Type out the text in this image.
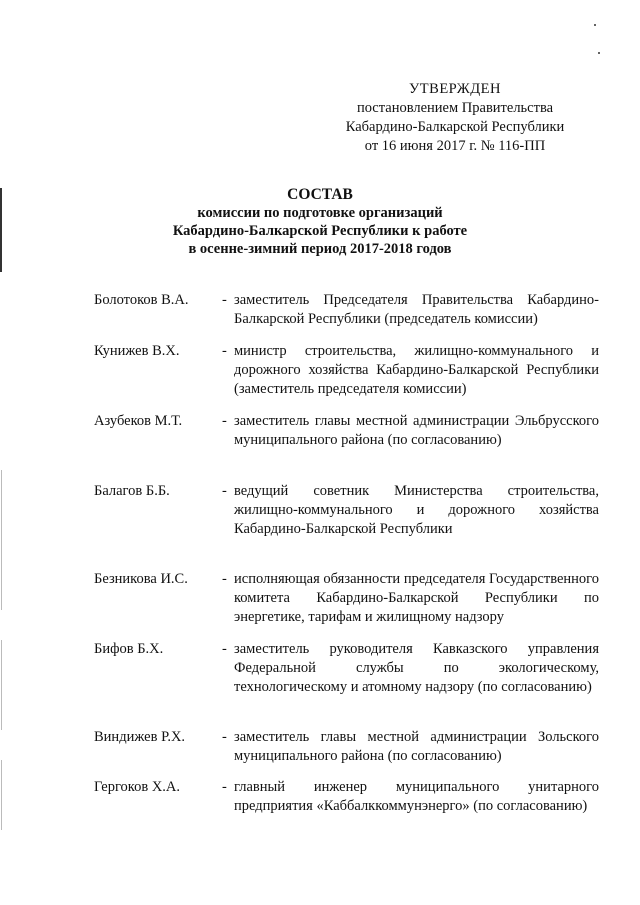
УТВЕРЖДЕН
постановлением Правительства
Кабардино-Балкарской Республики
от 16 июня 2017 г. № 116-ПП
СОСТАВ
комиссии по подготовке организаций
Кабардино-Балкарской Республики к работе
в осенне-зимний период 2017-2018 годов
Болотоков В.А.	- заместитель Председателя Правительства Кабардино-Балкарской Республики (председатель комиссии)
Кунижев В.Х.	- министр строительства, жилищно-коммунального и дорожного хозяйства Кабардино-Балкарской Республики (заместитель председателя комиссии)
Азубеков М.Т.	- заместитель главы местной администрации Эльбрусского муниципального района (по согласованию)
Балагов Б.Б.	- ведущий советник Министерства строительства, жилищно-коммунального и дорожного хозяйства Кабардино-Балкарской Республики
Безникова И.С.	- исполняющая обязанности председателя Государственного комитета Кабардино-Балкарской Республики по энергетике, тарифам и жилищному надзору
Бифов Б.Х.	- заместитель руководителя Кавказского управления Федеральной службы по экологическому, технологическому и атомному надзору (по согласованию)
Виндижев Р.Х.	- заместитель главы местной администрации Зольского муниципального района (по согласованию)
Гергоков Х.А.	- главный инженер муниципального унитарного предприятия «Каббалккоммунэнерго» (по согласованию)
